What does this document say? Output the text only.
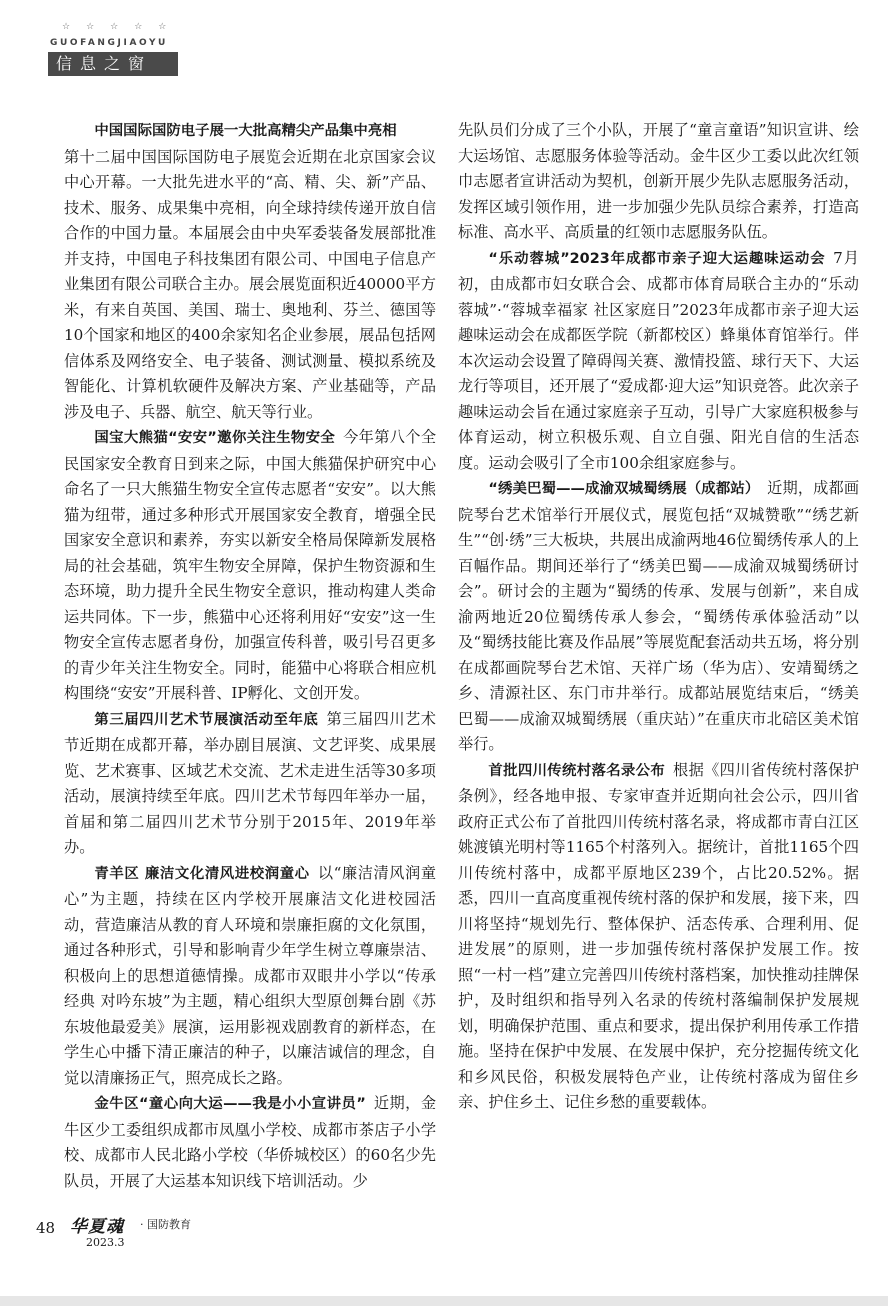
☆☆☆☆☆
GUOFANGJIAOYU
信息之窗

中国国际国防电子展一大批高精尖产品集中亮相
第十二届中国国际国防电子展览会近期在北京国家会议中心开幕。一大批先进水平的“高、精、尖、新”产品、技术、服务、成果集中亮相，向全球持续传递开放自信合作的中国力量。本届展会由中央军委装备发展部批准并支持，中国电子科技集团有限公司、中国电子信息产业集团有限公司联合主办。展会展览面积近40000平方米，有来自英国、美国、瑞士、奥地利、芬兰、德国等10个国家和地区的400余家知名企业参展，展品包括网信体系及网络安全、电子装备、测试测量、模拟系统及智能化、计算机软硬件及解决方案、产业基础等，产品涉及电子、兵器、航空、航天等行业。

国宝大熊猫“安安”邀你关注生物安全  今年第八个全民国家安全教育日到来之际，中国大熊猫保护研究中心命名了一只大熊猫生物安全宣传志愿者“安安”。以大熊猫为纽带，通过多种形式开展国家安全教育，增强全民国家安全意识和素养，夯实以新安全格局保障新发展格局的社会基础，筑牢生物安全屏障，保护生物资源和生态环境，助力提升全民生物安全意识，推动构建人类命运共同体。下一步，熊猫中心还将利用好“安安”这一生物安全宣传志愿者身份，加强宣传科普，吸引号召更多的青少年关注生物安全。同时，能猫中心将联合相应机构围绕“安安”开展科普、IP孵化、文创开发。

第三届四川艺术节展演活动至年底  第三届四川艺术节近期在成都开幕，举办剧目展演、文艺评奖、成果展览、艺术赛事、区域艺术交流、艺术走进生活等30多项活动，展演持续至年底。四川艺术节每四年举办一届，首届和第二届四川艺术节分别于2015年、2019年举办。

青羊区 廉洁文化清风进校润童心  以“廉洁清风润童心”为主题，持续在区内学校开展廉洁文化进校园活动，营造廉洁从教的育人环境和崇廉拒腐的文化氛围，通过各种形式，引导和影响青少年学生树立尊廉崇洁、积极向上的思想道德情操。成都市双眼井小学以“传承经典 对吟东坡”为主题，精心组织大型原创舞台剧《苏东坡他最爱美》展演，运用影视戏剧教育的新样态，在学生心中播下清正廉洁的种子，以廉洁诚信的理念，自觉以清廉扬正气，照亮成长之路。

金牛区“童心向大运——我是小小宣讲员”  近期，金牛区少工委组织成都市凤凰小学校、成都市茶店子小学校、成都市人民北路小学校（华侨城校区）的60名少先队员，开展了大运基本知识线下培训活动。少

先队员们分成了三个小队，开展了“童言童语”知识宣讲、绘大运场馆、志愿服务体验等活动。金牛区少工委以此次红领巾志愿者宣讲活动为契机，创新开展少先队志愿服务活动，发挥区域引领作用，进一步加强少先队员综合素养，打造高标准、高水平、高质量的红领巾志愿服务队伍。

“乐动蓉城”2023年成都市亲子迎大运趣味运动会  7月初，由成都市妇女联合会、成都市体育局联合主办的“乐动蓉城”·“蓉城幸福家 社区家庭日”2023年成都市亲子迎大运趣味运动会在成都医学院（新都校区）蜂巢体育馆举行。伴本次运动会设置了障碍闯关赛、激情投篮、球行天下、大运龙行等项目，还开展了“爱成都·迎大运”知识竞答。此次亲子趣味运动会旨在通过家庭亲子互动，引导广大家庭积极参与体育运动，树立积极乐观、自立自强、阳光自信的生活态度。运动会吸引了全市100余组家庭参与。

“绣美巴蜀——成渝双城蜀绣展（成都站）  近期，成都画院琴台艺术馆举行开展仪式，展览包括“双城赞歌”“绣艺新生”“创·绣”三大板块，共展出成渝两地46位蜀绣传承人的上百幅作品。期间还举行了“绣美巴蜀——成渝双城蜀绣研讨会”。研讨会的主题为“蜀绣的传承、发展与创新”，来自成渝两地近20位蜀绣传承人参会，“蜀绣传承体验活动”以及“蜀绣技能比赛及作品展”等展览配套活动共五场，将分别在成都画院琴台艺术馆、天祥广场（华为店）、安靖蜀绣之乡、清源社区、东门市井举行。成都站展览结束后，“绣美巴蜀——成渝双城蜀绣展（重庆站）”在重庆市北碚区美术馆举行。

首批四川传统村落名录公布  根据《四川省传统村落保护条例》，经各地申报、专家审查并近期向社会公示，四川省政府正式公布了首批四川传统村落名录，将成都市青白江区姚渡镇光明村等1165个村落列入。据统计，首批1165个四川传统村落中，成都平原地区239个，占比20.52%。据悉，四川一直高度重视传统村落的保护和发展，接下来，四川将坚持“规划先行、整体保护、活态传承、合理利用、促进发展”的原则，进一步加强传统村落保护发展工作。按照“一村一档”建立完善四川传统村落档案，加快推动挂牌保护，及时组织和指导列入名录的传统村落编制保护发展规划，明确保护范围、重点和要求，提出保护利用传承工作措施。坚持在保护中发展、在发展中保护，充分挖掘传统文化和乡风民俗，积极发展特色产业，让传统村落成为留住乡亲、护住乡土、记住乡愁的重要载体。

48 华夏魂 · 国防教育
2023.3
